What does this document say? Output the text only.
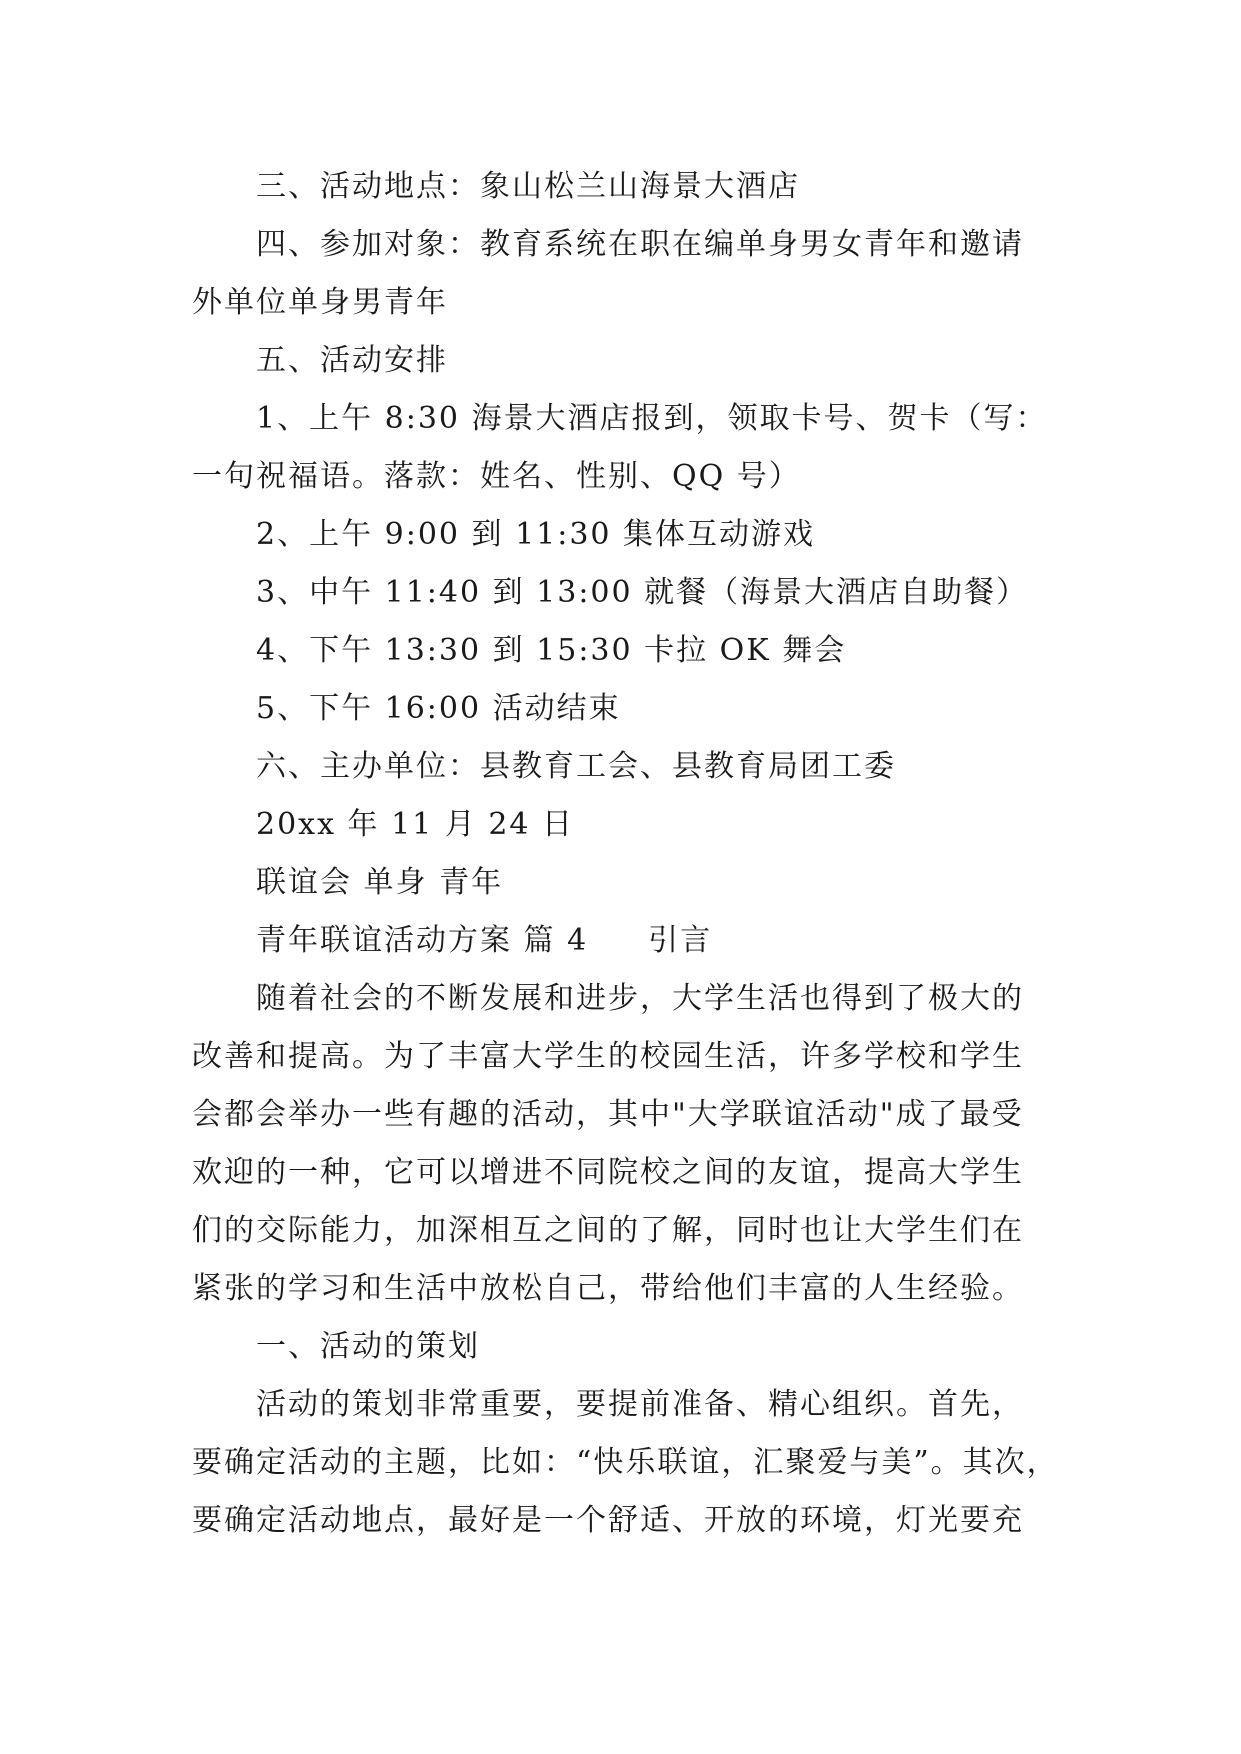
三、活动地点：象山松兰山海景大酒店
四、参加对象：教育系统在职在编单身男女青年和邀请
外单位单身男青年
五、活动安排
1、上午 8:30 海景大酒店报到，领取卡号、贺卡（写：
一句祝福语。落款：姓名、性别、QQ 号）
2、上午 9:00 到 11:30 集体互动游戏
3、中午 11:40 到 13:00 就餐（海景大酒店自助餐）
4、下午 13:30 到 15:30 卡拉 OK 舞会
5、下午 16:00 活动结束
六、主办单位：县教育工会、县教育局团工委
20xx 年 11 月 24 日
联谊会 单身 青年
青年联谊活动方案 篇 4 引言
随着社会的不断发展和进步，大学生活也得到了极大的
改善和提高。为了丰富大学生的校园生活，许多学校和学生
会都会举办一些有趣的活动，其中"大学联谊活动"成了最受
欢迎的一种，它可以增进不同院校之间的友谊，提高大学生
们的交际能力，加深相互之间的了解，同时也让大学生们在
紧张的学习和生活中放松自己，带给他们丰富的人生经验。
一、活动的策划
活动的策划非常重要，要提前准备、精心组织。首先，
要确定活动的主题，比如：“快乐联谊，汇聚爱与美”。其次，
要确定活动地点，最好是一个舒适、开放的环境，灯光要充
